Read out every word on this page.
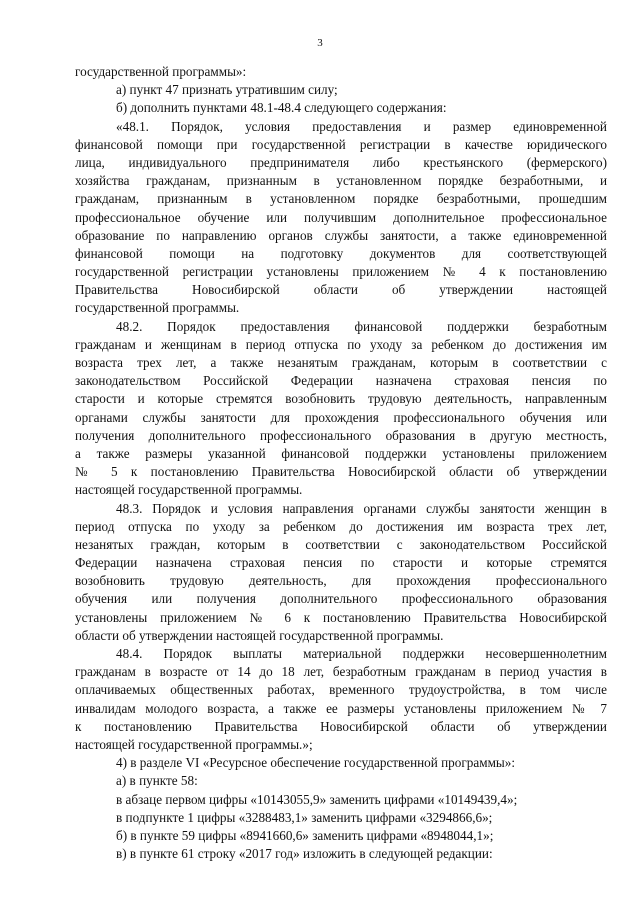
3
государственной программы»:
а) пункт 47 признать утратившим силу;
б) дополнить пунктами 48.1-48.4 следующего содержания:
«48.1. Порядок, условия предоставления и размер единовременной
финансовой помощи при государственной регистрации в качестве юридического
лица, индивидуального предпринимателя либо крестьянского (фермерского)
хозяйства гражданам, признанным в установленном порядке безработными, и
гражданам, признанным в установленном порядке безработными, прошедшим
профессиональное обучение или получившим дополнительное профессиональное
образование по направлению органов службы занятости, а также единовременной
финансовой помощи на подготовку документов для соответствующей
государственной регистрации установлены приложением № 4 к постановлению
Правительства Новосибирской области об утверждении настоящей
государственной программы.
48.2. Порядок предоставления финансовой поддержки безработным
гражданам и женщинам в период отпуска по уходу за ребенком до достижения им
возраста трех лет, а также незанятым гражданам, которым в соответствии с
законодательством Российской Федерации назначена страховая пенсия по
старости и которые стремятся возобновить трудовую деятельность, направленным
органами службы занятости для прохождения профессионального обучения или
получения дополнительного профессионального образования в другую местность,
а также размеры указанной финансовой поддержки установлены приложением
№ 5 к постановлению Правительства Новосибирской области об утверждении
настоящей государственной программы.
48.3. Порядок и условия направления органами службы занятости женщин в
период отпуска по уходу за ребенком до достижения им возраста трех лет,
незанятых граждан, которым в соответствии с законодательством Российской
Федерации назначена страховая пенсия по старости и которые стремятся
возобновить трудовую деятельность, для прохождения профессионального
обучения или получения дополнительного профессионального образования
установлены приложением № 6 к постановлению Правительства Новосибирской
области об утверждении настоящей государственной программы.
48.4. Порядок выплаты материальной поддержки несовершеннолетним
гражданам в возрасте от 14 до 18 лет, безработным гражданам в период участия в
оплачиваемых общественных работах, временного трудоустройства, в том числе
инвалидам молодого возраста, а также ее размеры установлены приложением № 7
к постановлению Правительства Новосибирской области об утверждении
настоящей государственной программы.»;
4) в разделе VI «Ресурсное обеспечение государственной программы»:
а) в пункте 58:
в абзаце первом цифры «10143055,9» заменить цифрами «10149439,4»;
в подпункте 1 цифры «3288483,1» заменить цифрами «3294866,6»;
б) в пункте 59 цифры «8941660,6» заменить цифрами «8948044,1»;
в) в пункте 61 строку «2017 год» изложить в следующей редакции:
